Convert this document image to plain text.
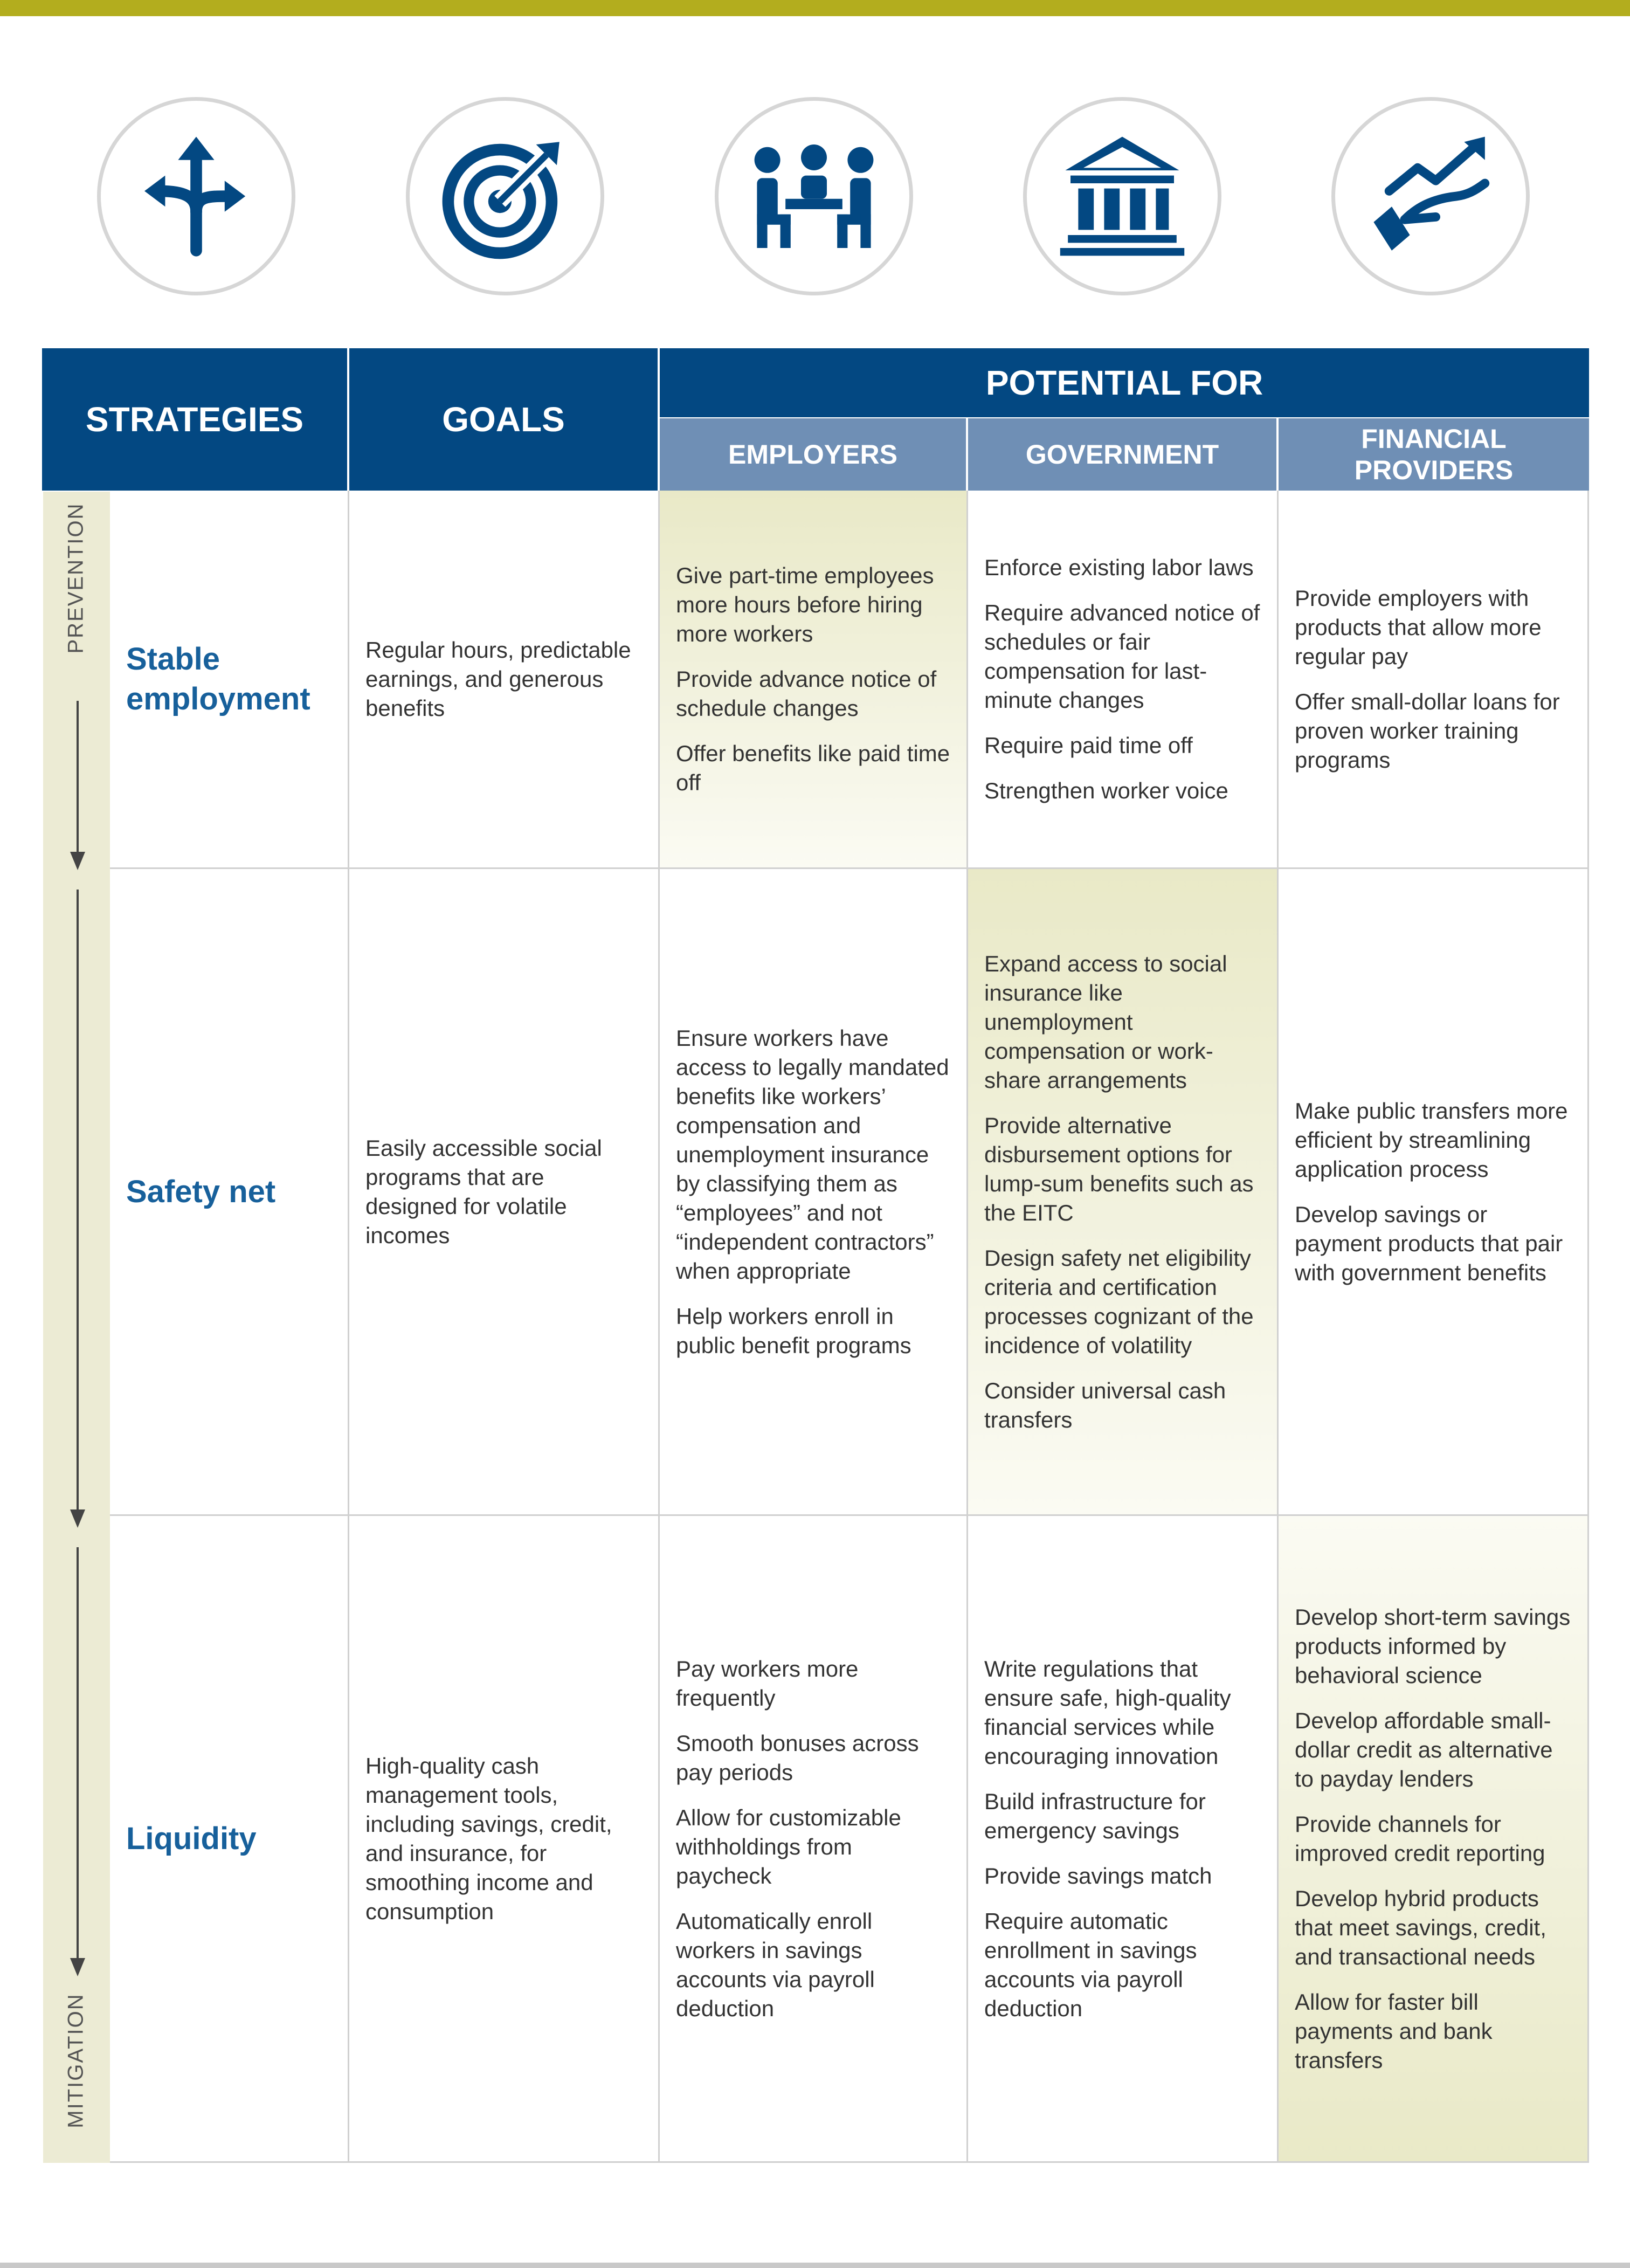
STRATEGIES	GOALS
POTENTIAL FOR
EMPLOYERS	GOVERNMENT
FINANCIAL PROVIDERS
PREVENTION
MITIGATION
Stable employment

Regular hours, predictable earnings, and generous benefits

Give part-time employees more hours before hiring more workers

Provide advance notice of schedule changes

Offer benefits like paid time off

Enforce existing labor laws

Require advanced notice of schedules or fair compensation for last-minute changes

Require paid time off

Strengthen worker voice

Provide employers with products that allow more regular pay

Offer small-dollar loans for proven worker training programs

Safety net

Easily accessible social programs that are designed for volatile incomes

Ensure workers have access to legally mandated benefits like workers’ compensation and unemployment insurance by classifying them as “employees” and not “independent contractors” when appropriate

Help workers enroll in public benefit programs

Expand access to social insurance like unemployment compensation or work-share arrangements

Provide alternative disbursement options for lump-sum benefits such as the EITC

Design safety net eligibility criteria and certification processes cognizant of the incidence of volatility

Consider universal cash transfers

Make public transfers more efficient by streamlining application process

Develop savings or payment products that pair with government benefits

Liquidity

High-quality cash management tools, including savings, credit, and insurance, for smoothing income and consumption

Pay workers more frequently

Smooth bonuses across pay periods

Allow for customizable withholdings from paycheck

Automatically enroll workers in savings accounts via payroll deduction

Write regulations that ensure safe, high-quality financial services while encouraging innovation

Build infrastructure for emergency savings

Provide savings match

Require automatic enrollment in savings accounts via payroll deduction

Develop short-term savings products informed by behavioral science

Develop affordable small-dollar credit as alternative to payday lenders

Provide channels for improved credit reporting

Develop hybrid products that meet savings, credit, and transactional needs

Allow for faster bill payments and bank transfers
